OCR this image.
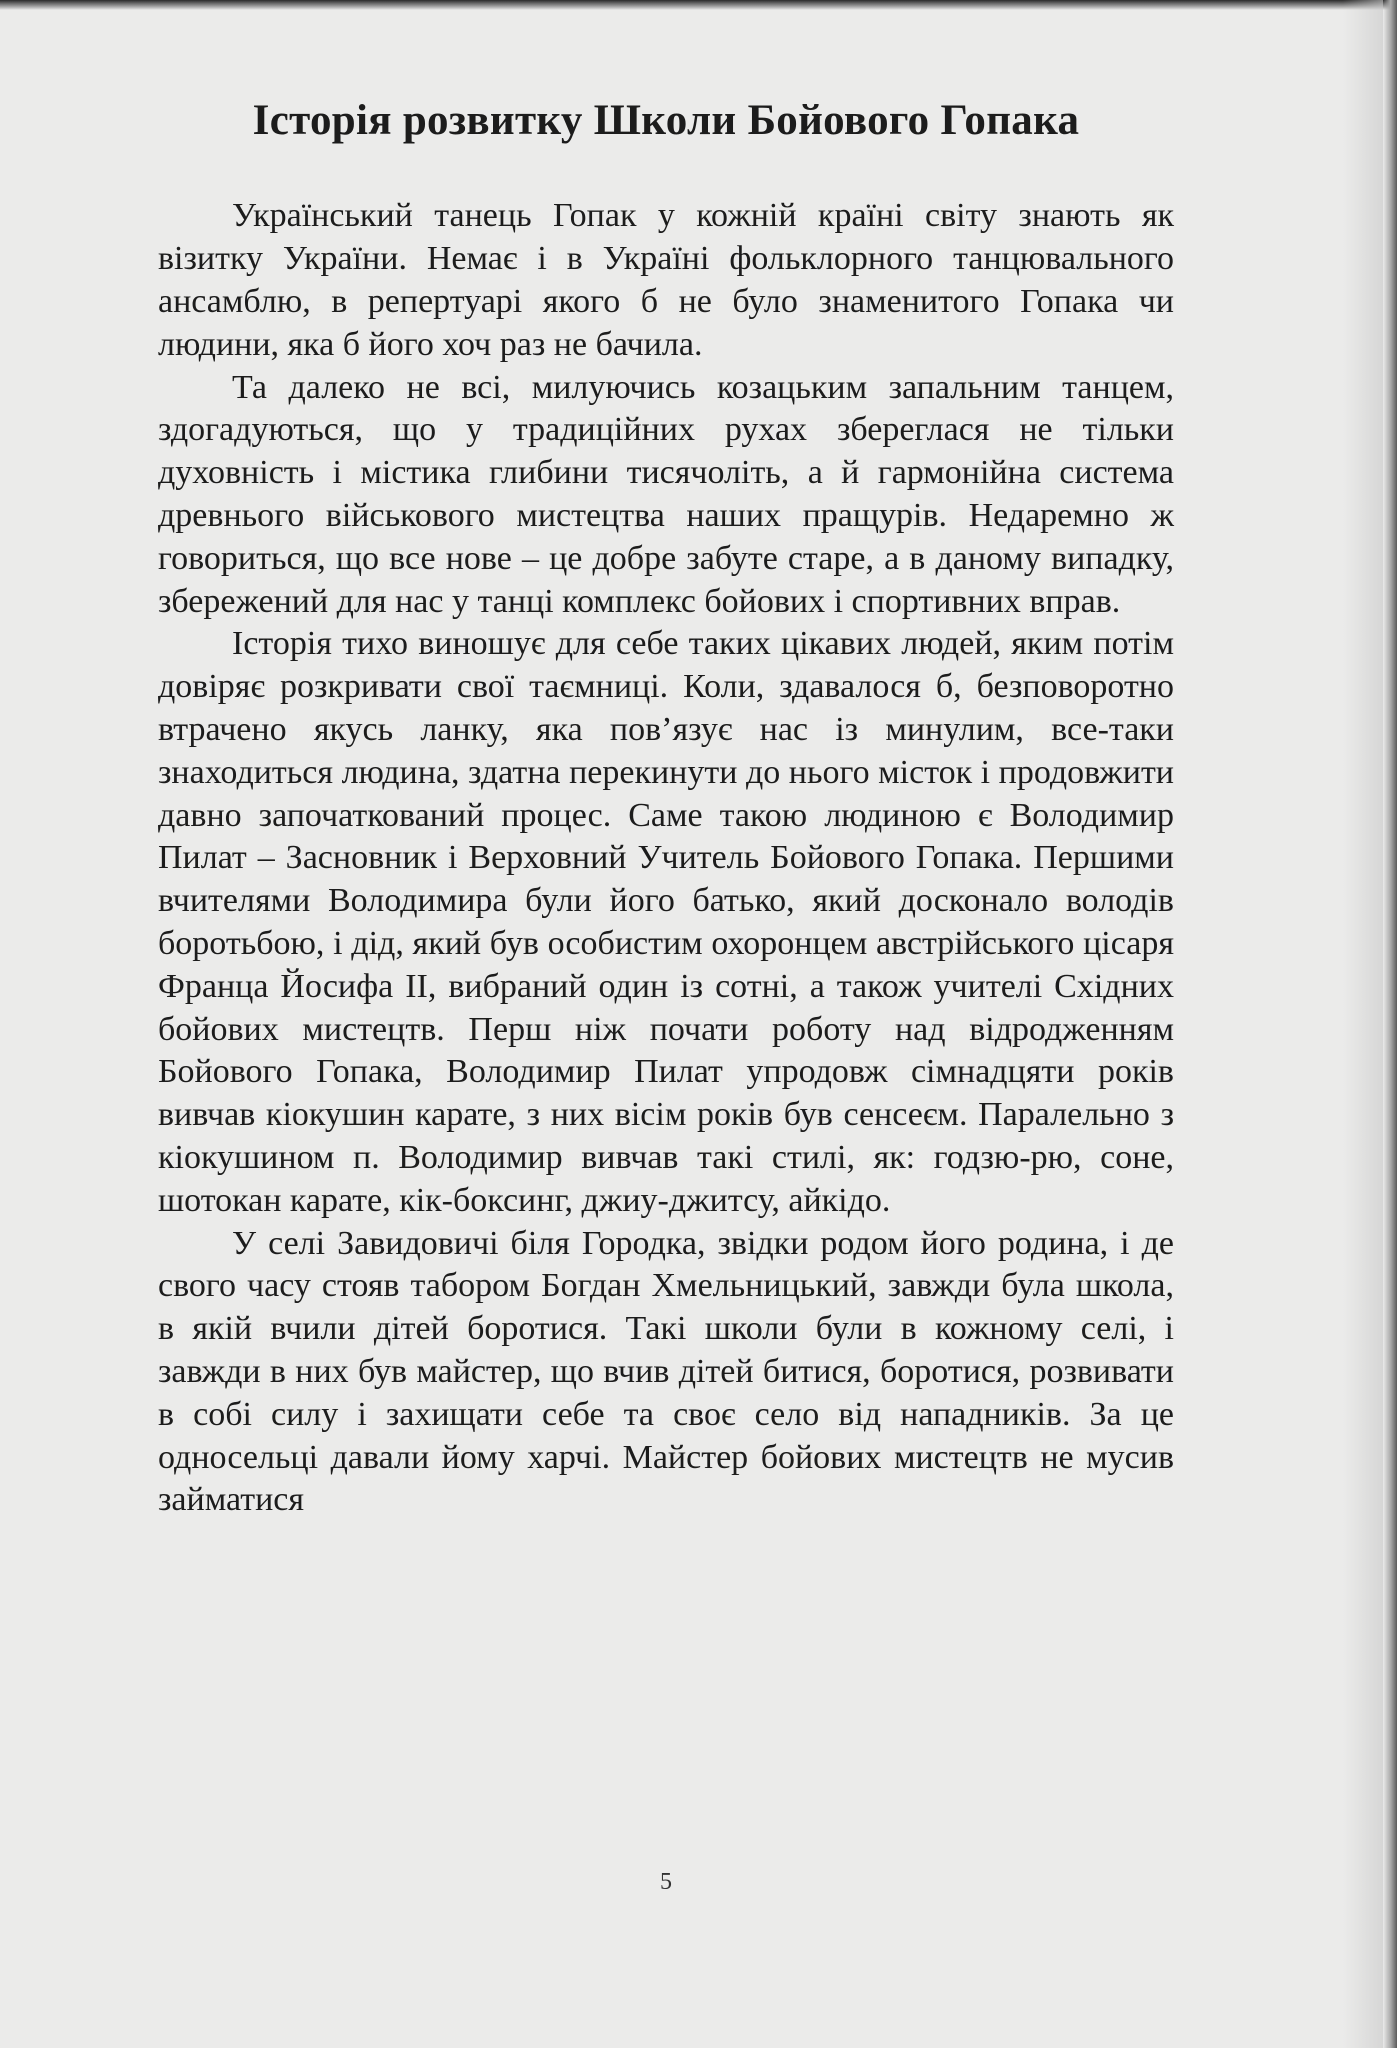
Історія розвитку Школи Бойового Гопака

Український танець Гопак у кожній країні світу знають як візитку України. Немає і в Україні фольклорного танцювального ансамблю, в репертуарі якого б не було знаменитого Гопака чи людини, яка б його хоч раз не бачила.

Та далеко не всі, милуючись козацьким запальним танцем, здогадуються, що у традиційних рухах збереглася не тільки духовність і містика глибини тисячоліть, а й гармонійна система древнього військового мистецтва наших пращурів. Недаремно ж говориться, що все нове – це добре забуте старе, а в даному випадку, збережений для нас у танці комплекс бойових і спортивних вправ.

Історія тихо виношує для себе таких цікавих людей, яким потім довіряє розкривати свої таємниці. Коли, здавалося б, безповоротно втрачено якусь ланку, яка пов’язує нас із минулим, все-таки знаходиться людина, здатна перекинути до нього місток і продовжити давно започаткований процес. Саме такою людиною є Володимир Пилат – Засновник і Верховний Учитель Бойового Гопака. Першими вчителями Володимира були його батько, який досконало володів боротьбою, і дід, який був особистим охоронцем австрійського цісаря Франца Йосифа ІІ, вибраний один із сотні, а також учителі Східних бойових мистецтв. Перш ніж почати роботу над відродженням Бойового Гопака, Володимир Пилат упродовж сімнадцяти років вивчав кіокушин карате, з них вісім років був сенсеєм. Паралельно з кіокушином п. Володимир вивчав такі стилі, як: годзю-рю, соне, шотокан карате, кік-боксинг, джиу-джитсу, айкідо.

У селі Завидовичі біля Городка, звідки родом його родина, і де свого часу стояв табором Богдан Хмельницький, завжди була школа, в якій вчили дітей боротися. Такі школи були в кожному селі, і завжди в них був майстер, що вчив дітей битися, боротися, розвивати в собі силу і захищати себе та своє село від нападників. За це односельці давали йому харчі. Майстер бойових мистецтв не мусив займатися

5
